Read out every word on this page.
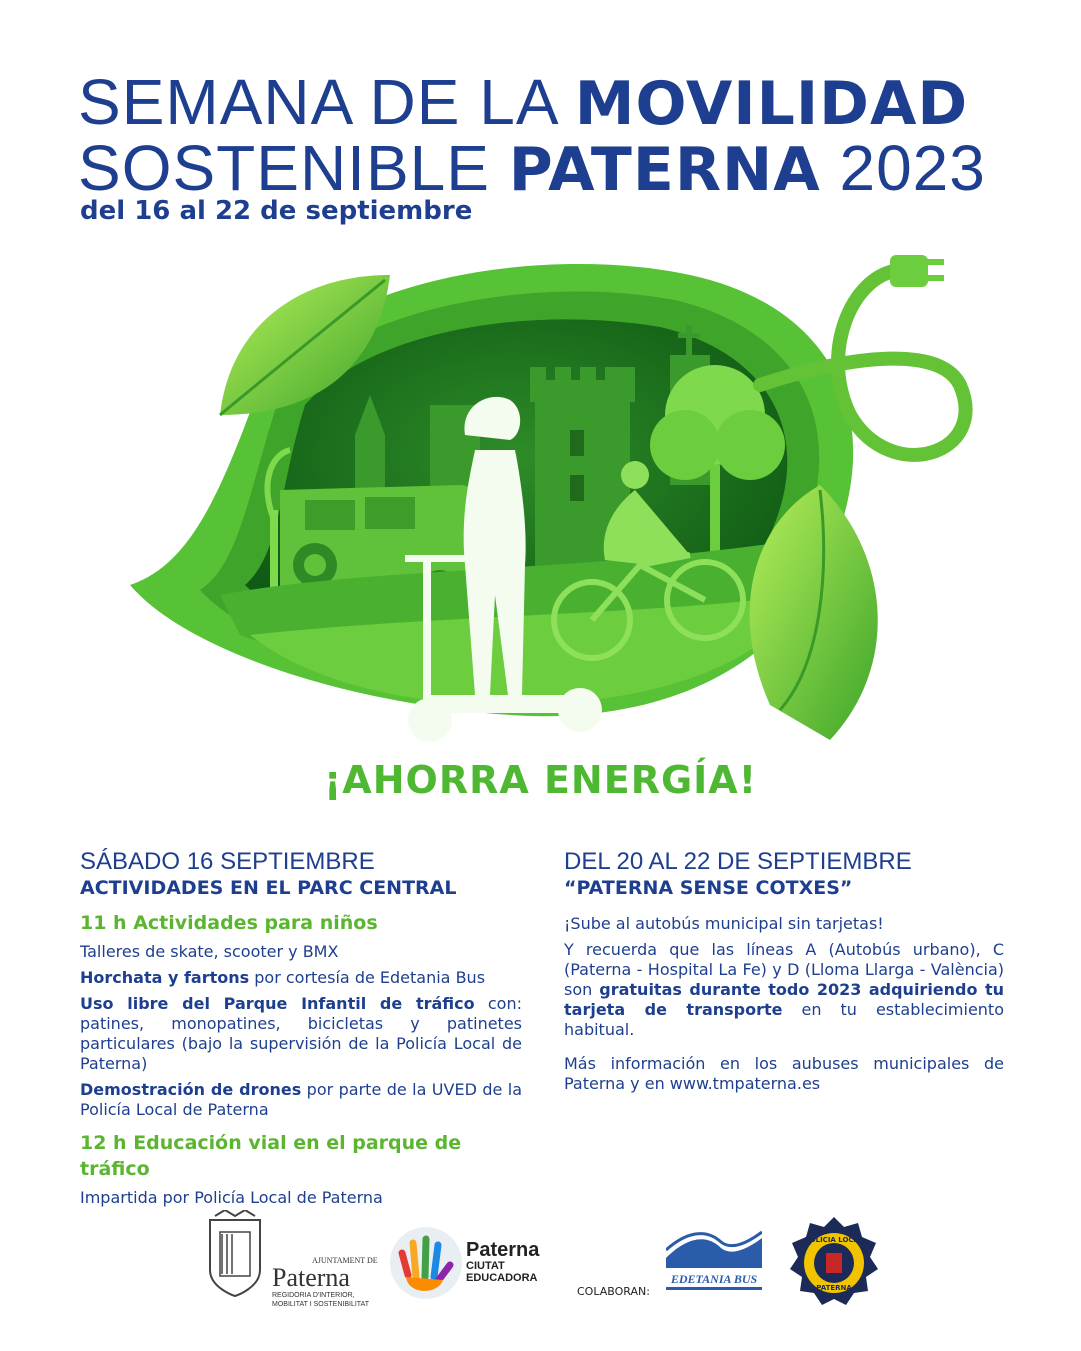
SEMANA DE LA MOVILIDAD
SOSTENIBLE PATERNA 2023
del 16 al 22 de septiembre
¡AHORRA ENERGÍA!
SÁBADO 16 SEPTIEMBRE
ACTIVIDADES EN EL PARC CENTRAL
11 h Actividades para niños
Talleres de skate, scooter y BMX
Horchata y fartons por cortesía de Edetania Bus
Uso libre del Parque Infantil de tráfico con: patines, monopatines, bicicletas y patinetes particulares (bajo la supervisión de la Policía Local de Paterna)
Demostración de drones por parte de la UVED de la Policía Local de Paterna
12 h Educación vial en el parque de tráfico
Impartida por Policía Local de Paterna
DEL 20 AL 22 DE SEPTIEMBRE
“PATERNA SENSE COTXES”
¡Sube al autobús municipal sin tarjetas!
Y recuerda que las líneas A (Autobús urbano), C (Paterna - Hospital La Fe) y D (Lloma Llarga - València) son gratuitas durante todo 2023 adquiriendo tu tarjeta de transporte en tu establecimiento habitual.
Más información en los aubuses municipales de Paterna y en www.tmpaterna.es
AJUNTAMENT DE
Paterna
REGIDORIA D'INTERIOR,
MOBILITAT I SOSTENIBILITAT
Paterna
CIUTAT
EDUCADORA
COLABORAN:
EDETANIA BUS
POLICIA LOCAL
PATERNA
